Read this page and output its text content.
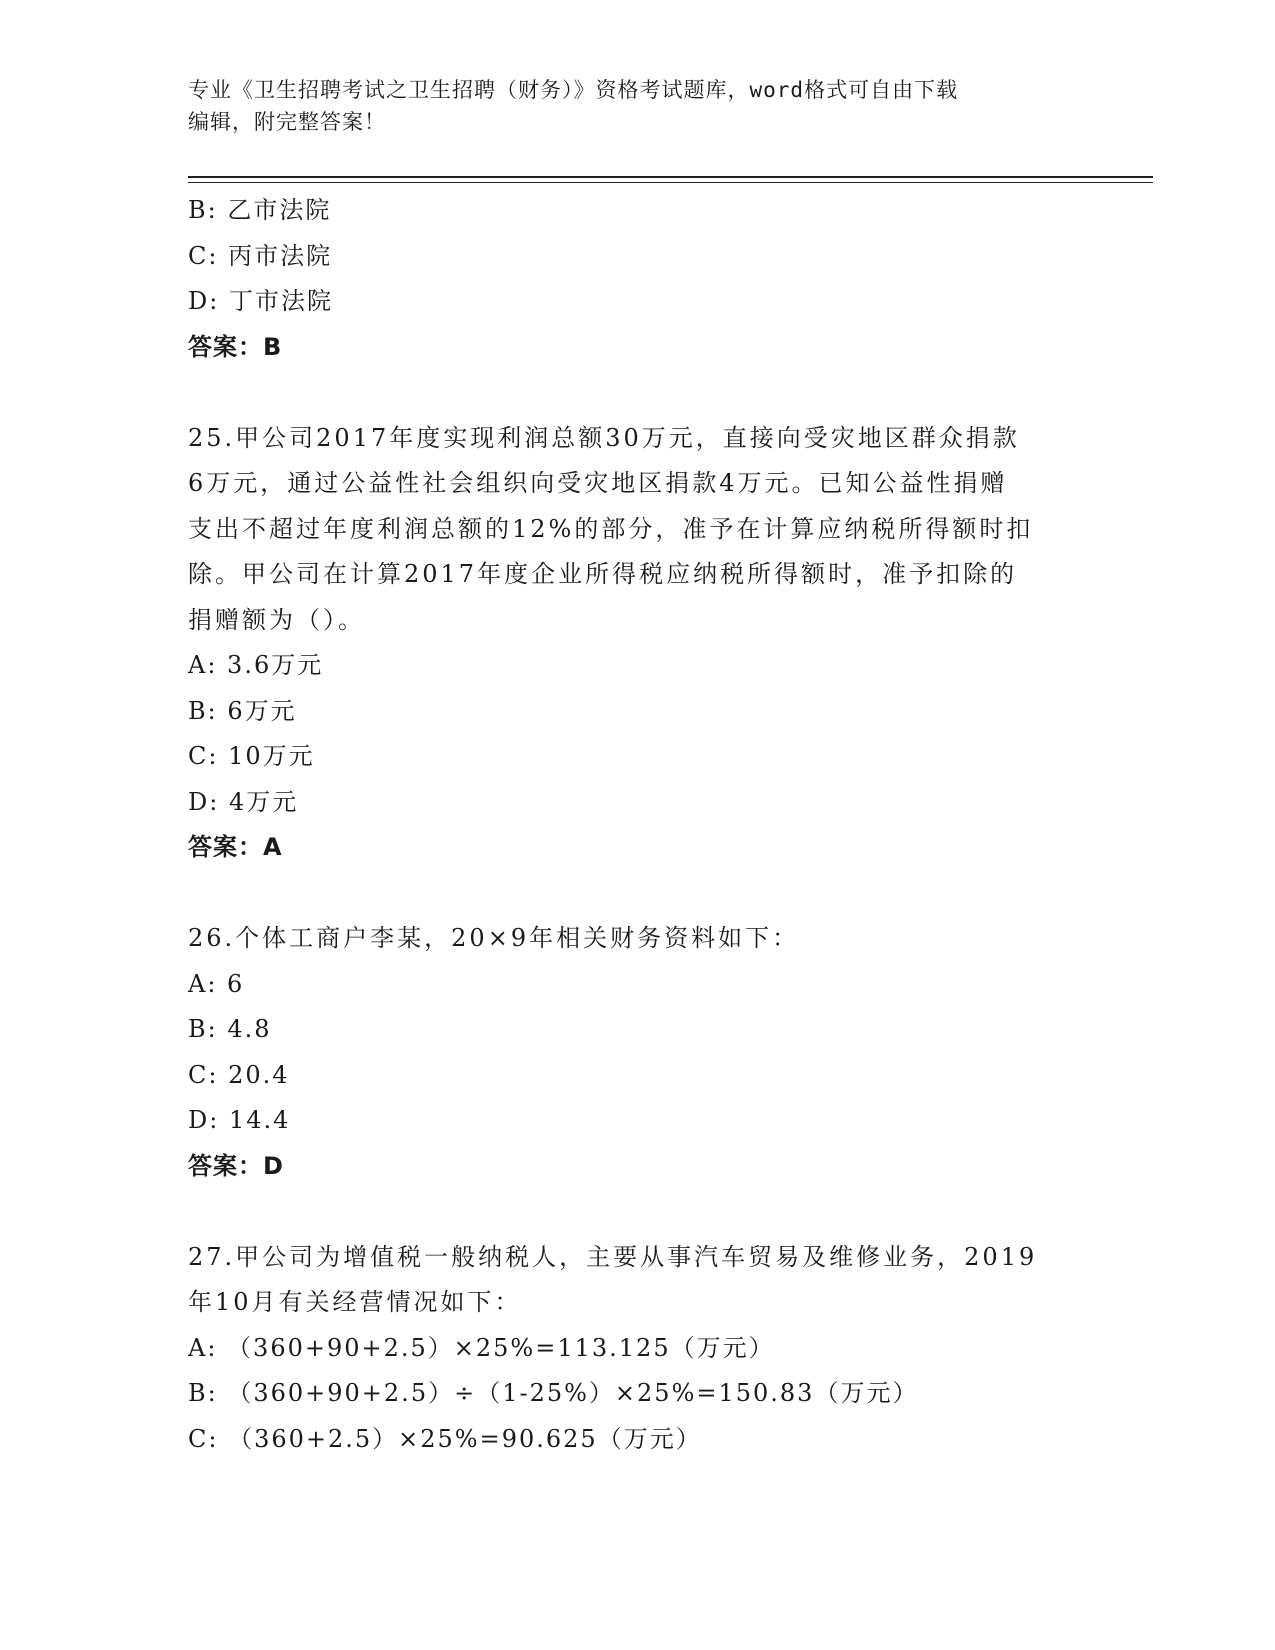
专业《卫生招聘考试之卫生招聘（财务）》资格考试题库，word格式可自由下载
编辑，附完整答案！
B: 乙市法院
C: 丙市法院
D: 丁市法院
答案：B
25.甲公司2017年度实现利润总额30万元，直接向受灾地区群众捐款
6万元，通过公益性社会组织向受灾地区捐款4万元。已知公益性捐赠
支出不超过年度利润总额的12%的部分，准予在计算应纳税所得额时扣
除。甲公司在计算2017年度企业所得税应纳税所得额时，准予扣除的
捐赠额为（）。
A: 3.6万元
B: 6万元
C: 10万元
D: 4万元
答案：A
26.个体工商户李某，20×9年相关财务资料如下：
A: 6
B: 4.8
C: 20.4
D: 14.4
答案：D
27.甲公司为增值税一般纳税人，主要从事汽车贸易及维修业务，2019
年10月有关经营情况如下：
A: （360+90+2.5）×25%=113.125（万元）
B: （360+90+2.5）÷（1-25%）×25%=150.83（万元）
C: （360+2.5）×25%=90.625（万元）
